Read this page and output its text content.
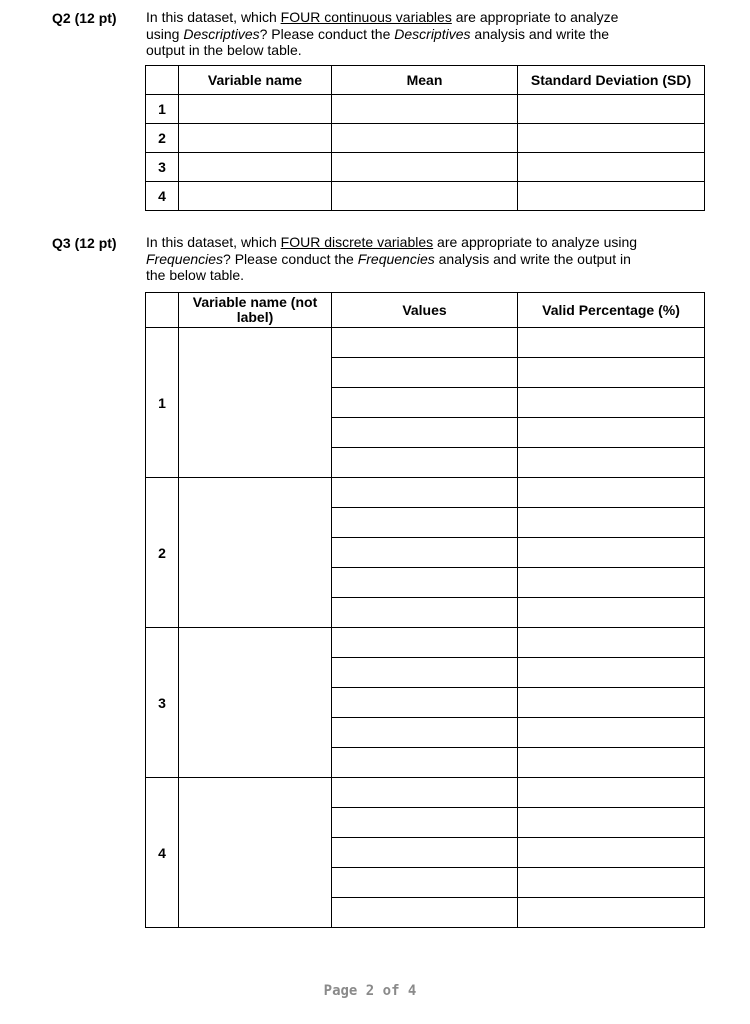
Q2 (12 pt) In this dataset, which FOUR continuous variables are appropriate to analyze
using Descriptives? Please conduct the Descriptives analysis and write the
output in the below table.
	Variable name	Mean	Standard Deviation (SD)
1			
2			
3			
4			
Q3 (12 pt) In this dataset, which FOUR discrete variables are appropriate to analyze using
Frequencies? Please conduct the Frequencies analysis and write the output in
the below table.
	Variable name (not label)	Values	Valid Percentage (%)
1			

2			

3			

4			

Page 2 of 4
